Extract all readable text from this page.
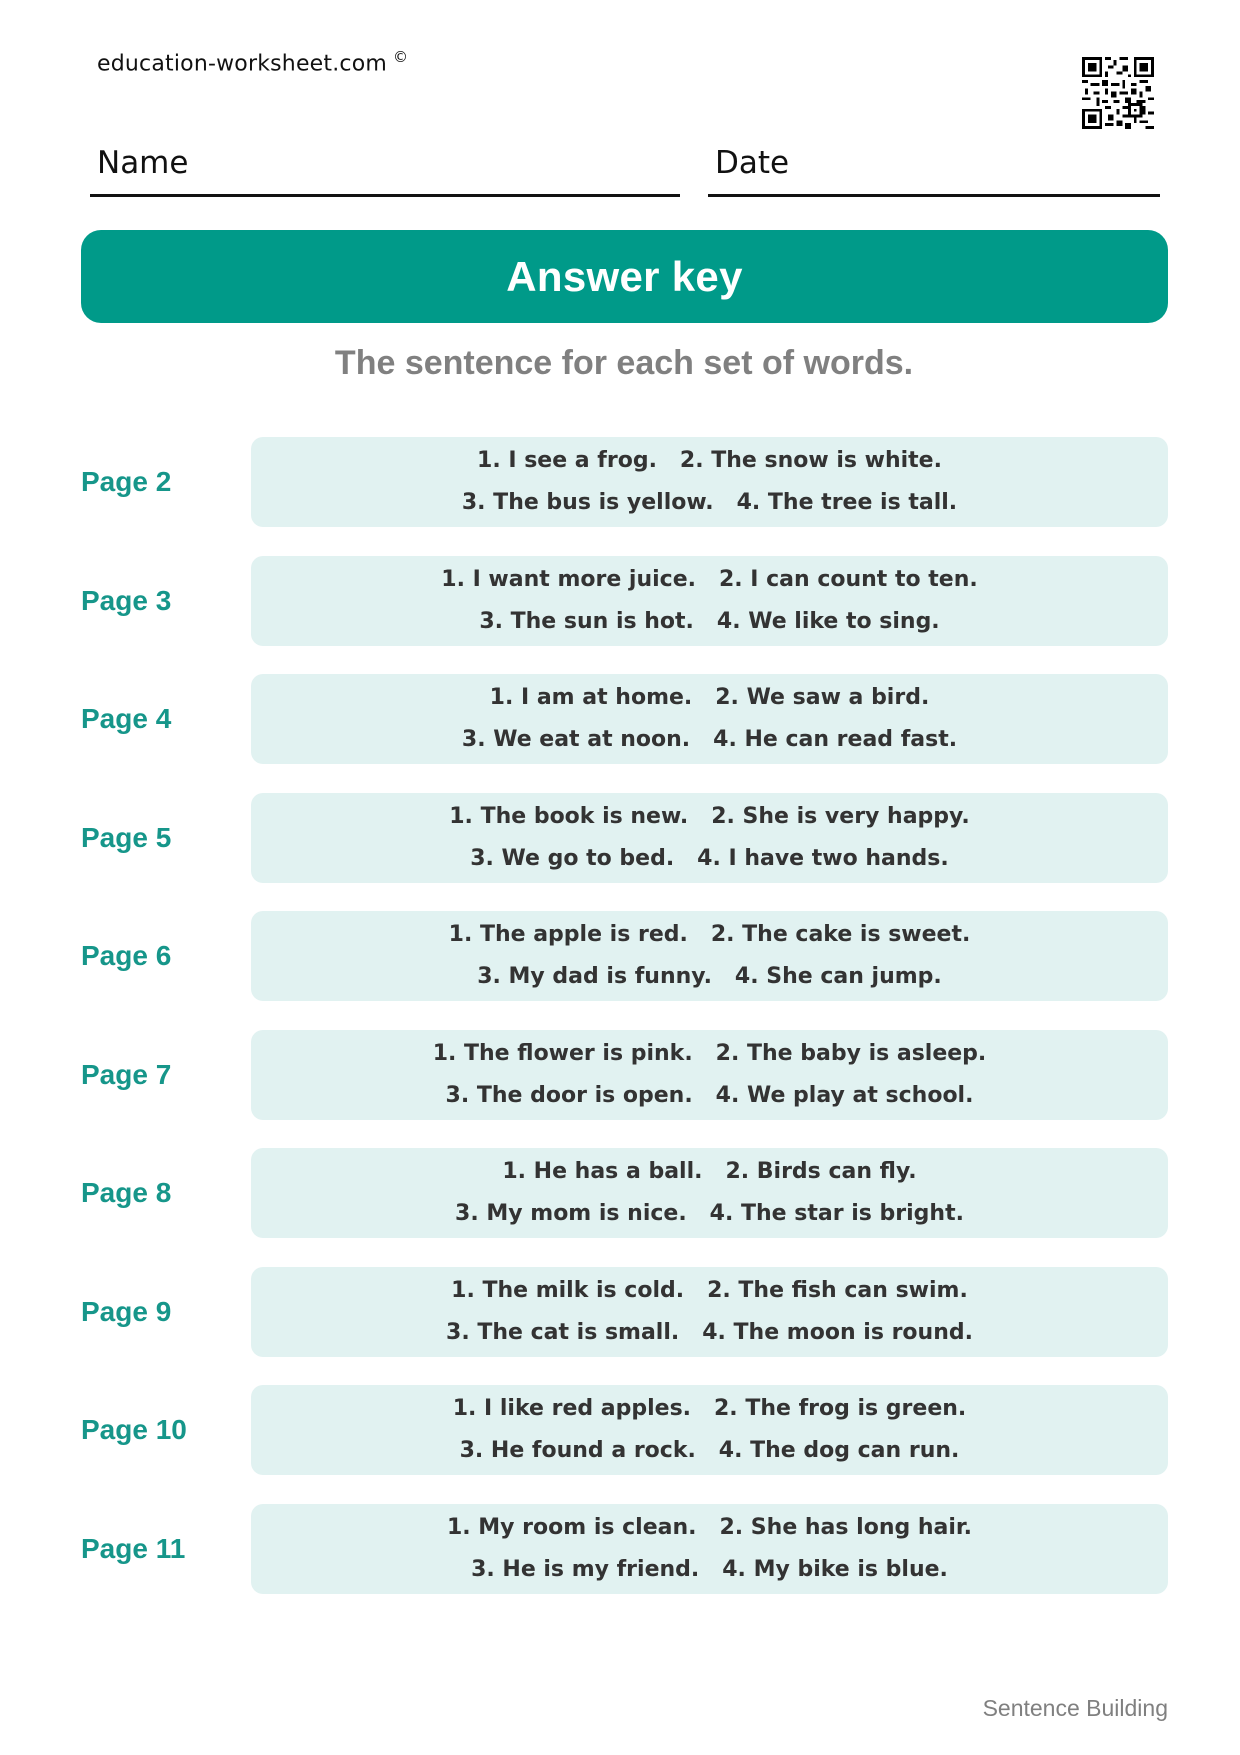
education-worksheet.com ©
Name	Date
Answer key
The sentence for each set of words.
Page 2
1. I see a frog.   2. The snow is white.
3. The bus is yellow.   4. The tree is tall.
Page 3
1. I want more juice.   2. I can count to ten.
3. The sun is hot.   4. We like to sing.
Page 4
1. I am at home.   2. We saw a bird.
3. We eat at noon.   4. He can read fast.
Page 5
1. The book is new.   2. She is very happy.
3. We go to bed.   4. I have two hands.
Page 6
1. The apple is red.   2. The cake is sweet.
3. My dad is funny.   4. She can jump.
Page 7
1. The flower is pink.   2. The baby is asleep.
3. The door is open.   4. We play at school.
Page 8
1. He has a ball.   2. Birds can fly.
3. My mom is nice.   4. The star is bright.
Page 9
1. The milk is cold.   2. The fish can swim.
3. The cat is small.   4. The moon is round.
Page 10
1. I like red apples.   2. The frog is green.
3. He found a rock.   4. The dog can run.
Page 11
1. My room is clean.   2. She has long hair.
3. He is my friend.   4. My bike is blue.
Sentence Building
